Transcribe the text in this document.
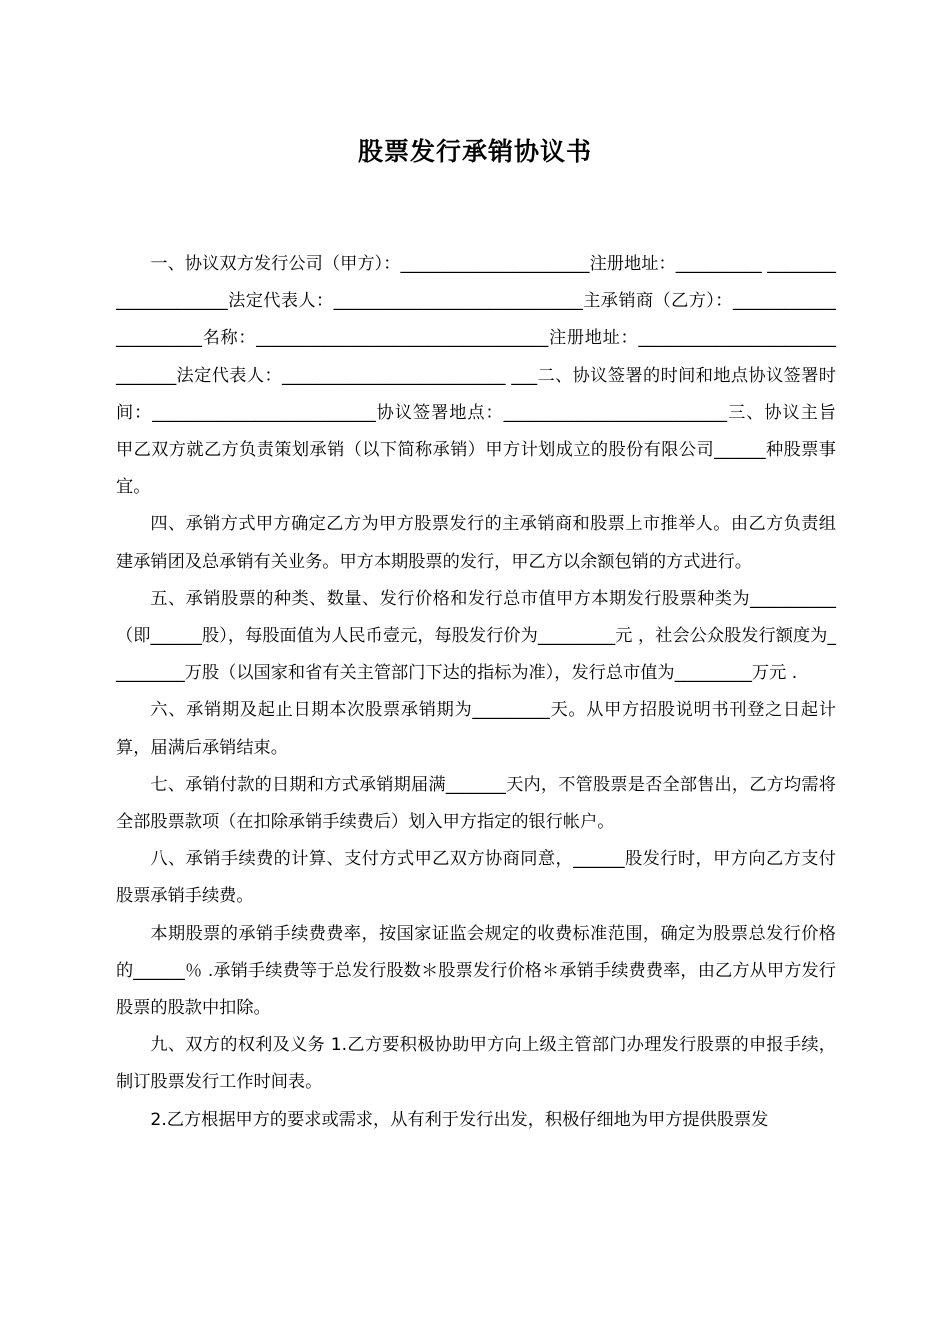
股票发行承销协议书

一、协议双方发行公司（甲方）：______________________注册地址：__________ _____________________法定代表人：_____________________________主承销商（乙方）：______________________名称：__________________________________注册地址：______________________________法定代表人：__________________________ ___二、协议签署的时间和地点协议签署时间：__________________________协议签署地点：__________________________三、协议主旨甲乙双方就乙方负责策划承销（以下简称承销）甲方计划成立的股份有限公司______种股票事宜。

四、承销方式甲方确定乙方为甲方股票发行的主承销商和股票上市推举人。由乙方负责组建承销团及总承销有关业务。甲方本期股票的发行，甲乙方以余额包销的方式进行。

五、承销股票的种类、数量、发行价格和发行总市值甲方本期发行股票种类为__________（即______股），每股面值为人民币壹元，每股发行价为_________元 ，社会公众股发行额度为_________万股（以国家和省有关主管部门下达的指标为准），发行总市值为_________万元 .

六、承销期及起止日期本次股票承销期为_________天。从甲方招股说明书刊登之日起计算，届满后承销结束。

七、承销付款的日期和方式承销期届满_______天内，不管股票是否全部售出，乙方均需将全部股票款项（在扣除承销手续费后）划入甲方指定的银行帐户。

八、承销手续费的计算、支付方式甲乙双方协商同意，______股发行时，甲方向乙方支付股票承销手续费。

本期股票的承销手续费费率，按国家证监会规定的收费标准范围，确定为股票总发行价格的______％ .承销手续费等于总发行股数＊股票发行价格＊承销手续费费率，由乙方从甲方发行股票的股款中扣除。

九、双方的权利及义务 1.乙方要积极协助甲方向上级主管部门办理发行股票的申报手续，制订股票发行工作时间表。

2.乙方根据甲方的要求或需求，从有利于发行出发，积极仔细地为甲方提供股票发
